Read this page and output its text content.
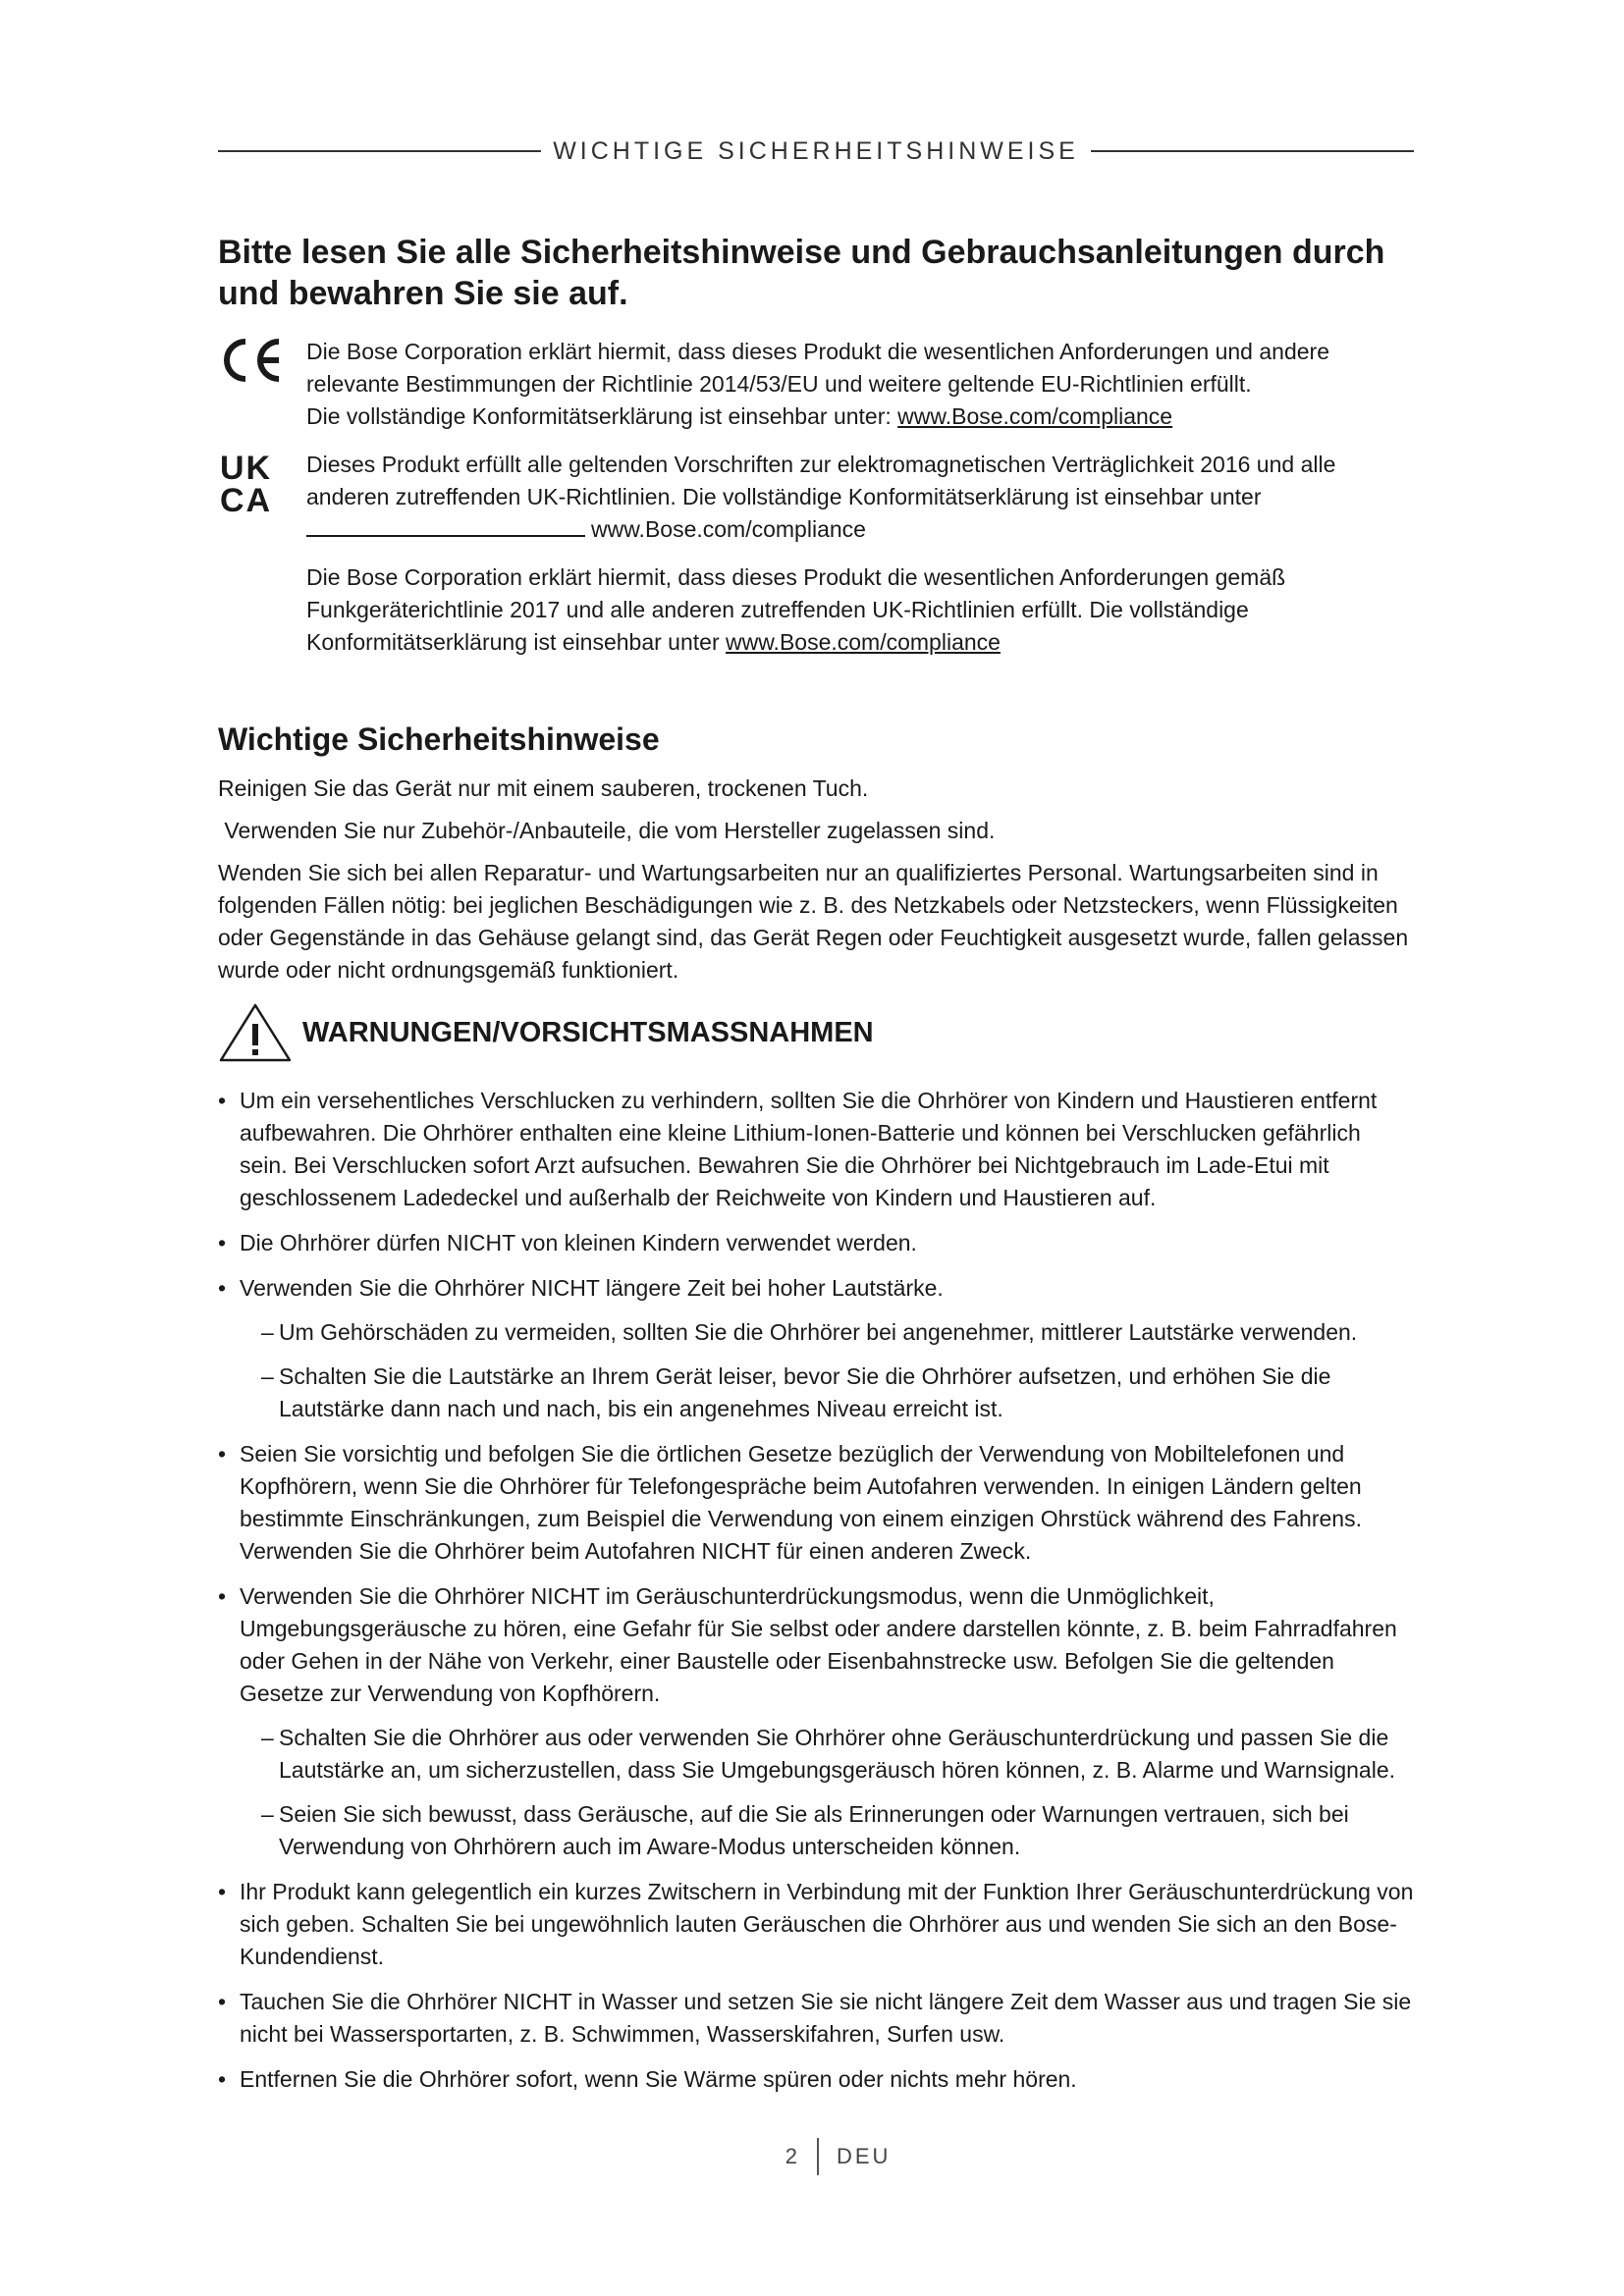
WICHTIGE SICHERHEITSHINWEISE
Bitte lesen Sie alle Sicherheitshinweise und Gebrauchsanleitungen durch und bewahren Sie sie auf.
CE
Die Bose Corporation erklärt hiermit, dass dieses Produkt die wesentlichen Anforderungen und andere relevante Bestimmungen der Richtlinie 2014/53/EU und weitere geltende EU-Richtlinien erfüllt.
Die vollständige Konformitätserklärung ist einsehbar unter: www.Bose.com/compliance
UK
CA
Dieses Produkt erfüllt alle geltenden Vorschriften zur elektromagnetischen Verträglichkeit 2016 und alle anderen zutreffenden UK-Richtlinien. Die vollständige Konformitätserklärung ist einsehbar unter
www.Bose.com/compliance
Die Bose Corporation erklärt hiermit, dass dieses Produkt die wesentlichen Anforderungen gemäß Funkgeräterichtlinie 2017 und alle anderen zutreffenden UK-Richtlinien erfüllt. Die vollständige Konformitätserklärung ist einsehbar unter www.Bose.com/compliance
Wichtige Sicherheitshinweise

Reinigen Sie das Gerät nur mit einem sauberen, trockenen Tuch.

Verwenden Sie nur Zubehör-/Anbauteile, die vom Hersteller zugelassen sind.

Wenden Sie sich bei allen Reparatur- und Wartungsarbeiten nur an qualifiziertes Personal. Wartungsarbeiten sind in folgenden Fällen nötig: bei jeglichen Beschädigungen wie z. B. des Netzkabels oder Netzsteckers, wenn Flüssigkeiten oder Gegenstände in das Gehäuse gelangt sind, das Gerät Regen oder Feuchtigkeit ausgesetzt wurde, fallen gelassen wurde oder nicht ordnungsgemäß funktioniert.

WARNUNGEN/VORSICHTSMASSNAHMEN
• Um ein versehentliches Verschlucken zu verhindern, sollten Sie die Ohrhörer von Kindern und Haustieren entfernt aufbewahren. Die Ohrhörer enthalten eine kleine Lithium-Ionen-Batterie und können bei Verschlucken gefährlich sein. Bei Verschlucken sofort Arzt aufsuchen. Bewahren Sie die Ohrhörer bei Nichtgebrauch im Lade-Etui mit geschlossenem Ladedeckel und außerhalb der Reichweite von Kindern und Haustieren auf.
• Die Ohrhörer dürfen NICHT von kleinen Kindern verwendet werden.
• Verwenden Sie die Ohrhörer NICHT längere Zeit bei hoher Lautstärke.
– Um Gehörschäden zu vermeiden, sollten Sie die Ohrhörer bei angenehmer, mittlerer Lautstärke verwenden.
– Schalten Sie die Lautstärke an Ihrem Gerät leiser, bevor Sie die Ohrhörer aufsetzen, und erhöhen Sie die Lautstärke dann nach und nach, bis ein angenehmes Niveau erreicht ist.
• Seien Sie vorsichtig und befolgen Sie die örtlichen Gesetze bezüglich der Verwendung von Mobiltelefonen und Kopfhörern, wenn Sie die Ohrhörer für Telefongespräche beim Autofahren verwenden. In einigen Ländern gelten bestimmte Einschränkungen, zum Beispiel die Verwendung von einem einzigen Ohrstück während des Fahrens. Verwenden Sie die Ohrhörer beim Autofahren NICHT für einen anderen Zweck.
• Verwenden Sie die Ohrhörer NICHT im Geräuschunterdrückungsmodus, wenn die Unmöglichkeit, Umgebungsgeräusche zu hören, eine Gefahr für Sie selbst oder andere darstellen könnte, z. B. beim Fahrradfahren oder Gehen in der Nähe von Verkehr, einer Baustelle oder Eisenbahnstrecke usw. Befolgen Sie die geltenden Gesetze zur Verwendung von Kopfhörern.
– Schalten Sie die Ohrhörer aus oder verwenden Sie Ohrhörer ohne Geräuschunterdrückung und passen Sie die Lautstärke an, um sicherzustellen, dass Sie Umgebungsgeräusch hören können, z. B. Alarme und Warnsignale.
– Seien Sie sich bewusst, dass Geräusche, auf die Sie als Erinnerungen oder Warnungen vertrauen, sich bei Verwendung von Ohrhörern auch im Aware-Modus unterscheiden können.
• Ihr Produkt kann gelegentlich ein kurzes Zwitschern in Verbindung mit der Funktion Ihrer Geräuschunterdrückung von sich geben. Schalten Sie bei ungewöhnlich lauten Geräuschen die Ohrhörer aus und wenden Sie sich an den Bose-Kundendienst.
• Tauchen Sie die Ohrhörer NICHT in Wasser und setzen Sie sie nicht längere Zeit dem Wasser aus und tragen Sie sie nicht bei Wassersportarten, z. B. Schwimmen, Wasserskifahren, Surfen usw.
• Entfernen Sie die Ohrhörer sofort, wenn Sie Wärme spüren oder nichts mehr hören.
2 DEU
